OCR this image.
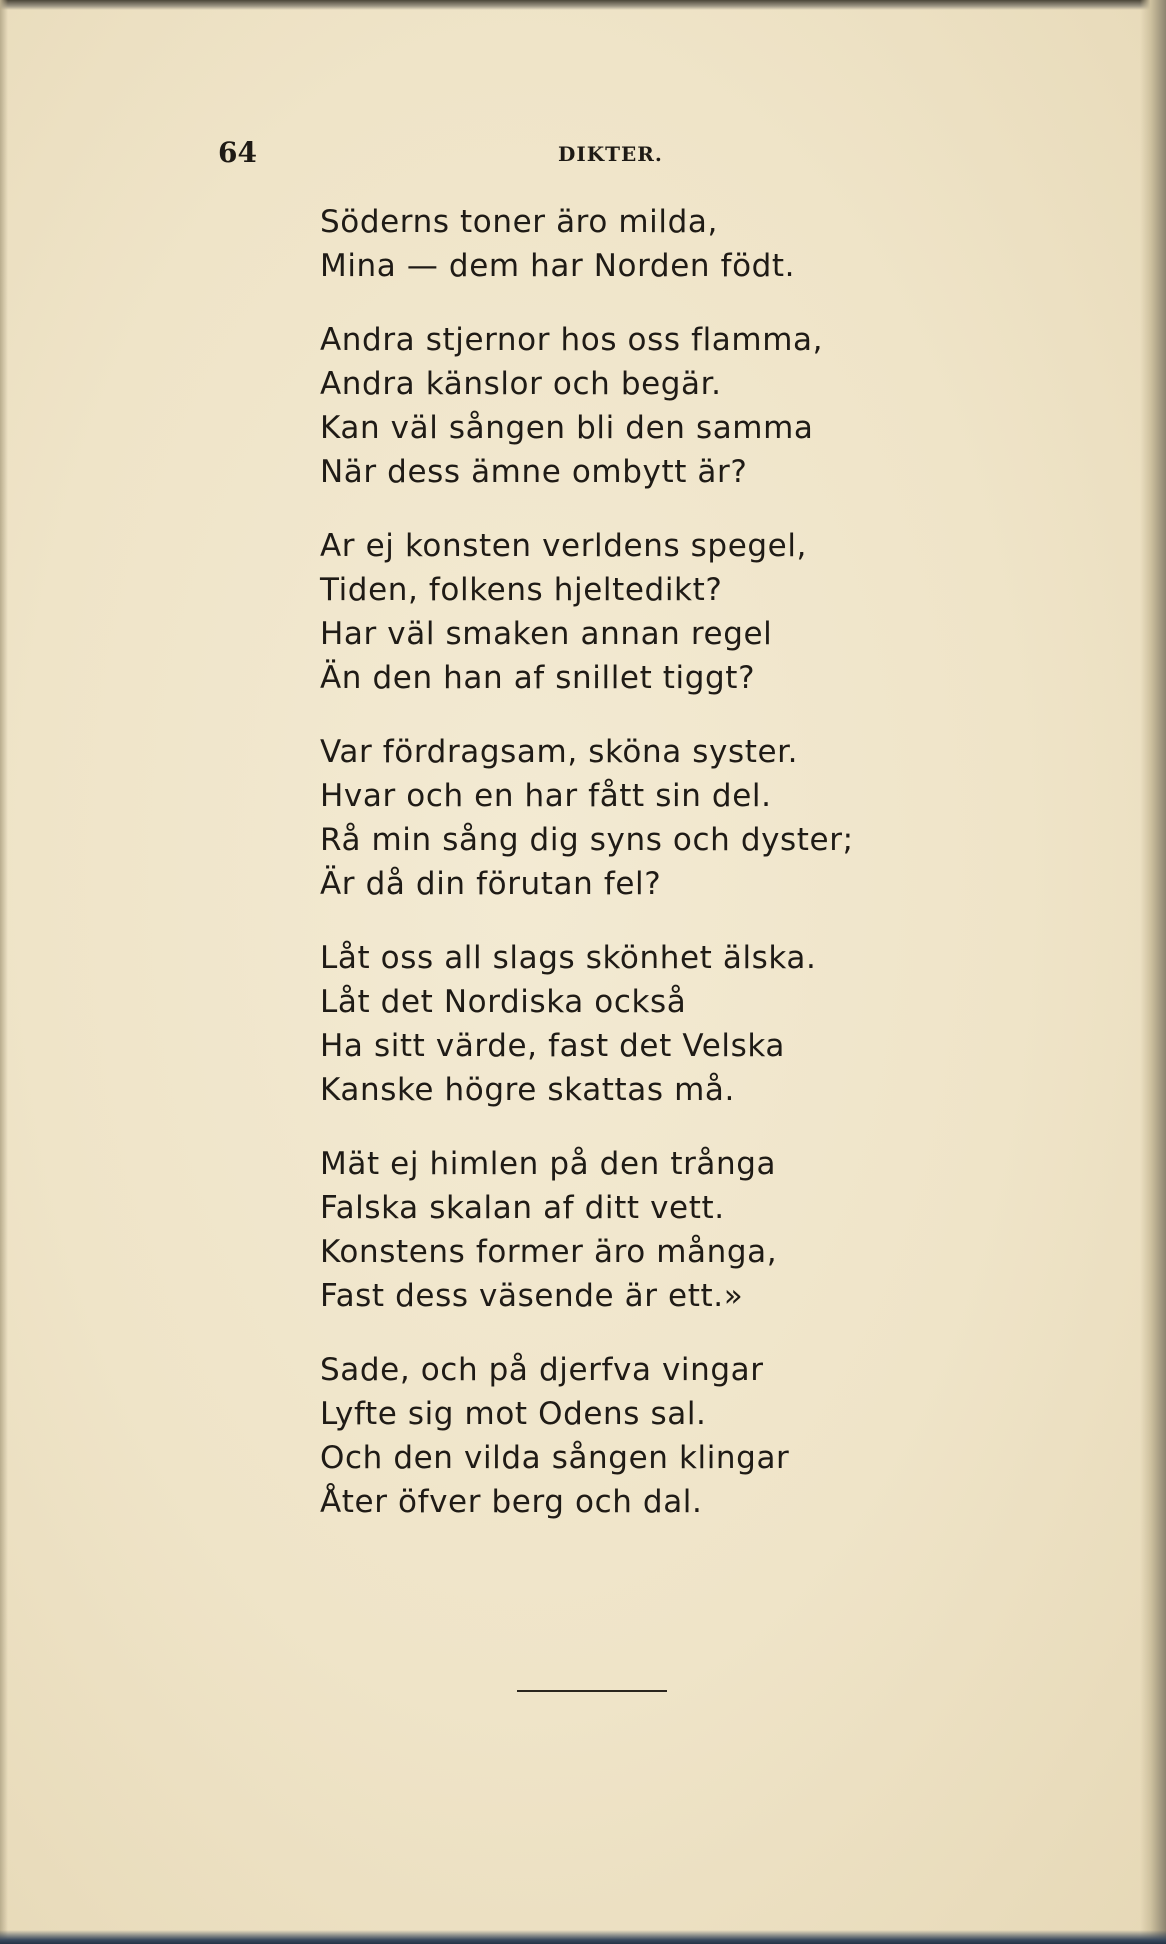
64	DIKTER.
Söderns toner äro milda,
Mina — dem har Norden födt.
Andra stjernor hos oss flamma,
Andra känslor och begär.
Kan väl sången bli den samma
När dess ämne ombytt är?
Ar ej konsten verldens spegel,
Tiden, folkens hjeltedikt?
Har väl smaken annan regel
Än den han af snillet tiggt?
Var fördragsam, sköna syster.
Hvar och en har fått sin del.
Rå min sång dig syns och dyster;
Är då din förutan fel?
Låt oss all slags skönhet älska.
Låt det Nordiska också
Ha sitt värde, fast det Velska
Kanske högre skattas må.
Mät ej himlen på den trånga
Falska skalan af ditt vett.
Konstens former äro många,
Fast dess väsende är ett.»
Sade, och på djerfva vingar
Lyfte sig mot Odens sal.
Och den vilda sången klingar
Åter öfver berg och dal.
